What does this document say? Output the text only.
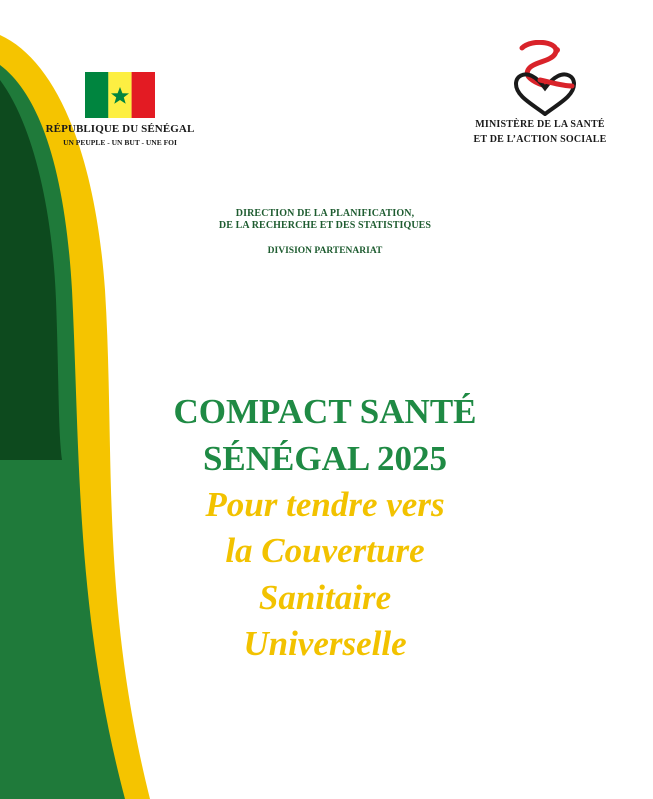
RÉPUBLIQUE DU SÉNÉGAL
UN PEUPLE - UN BUT - UNE FOI
MINISTÈRE DE LA SANTÉ
ET DE L’ACTION SOCIALE
DIRECTION DE LA PLANIFICATION,
DE LA RECHERCHE ET DES STATISTIQUES
DIVISION PARTENARIAT
COMPACT SANTÉ
SÉNÉGAL 2025
Pour tendre vers
la Couverture
Sanitaire
Universelle
